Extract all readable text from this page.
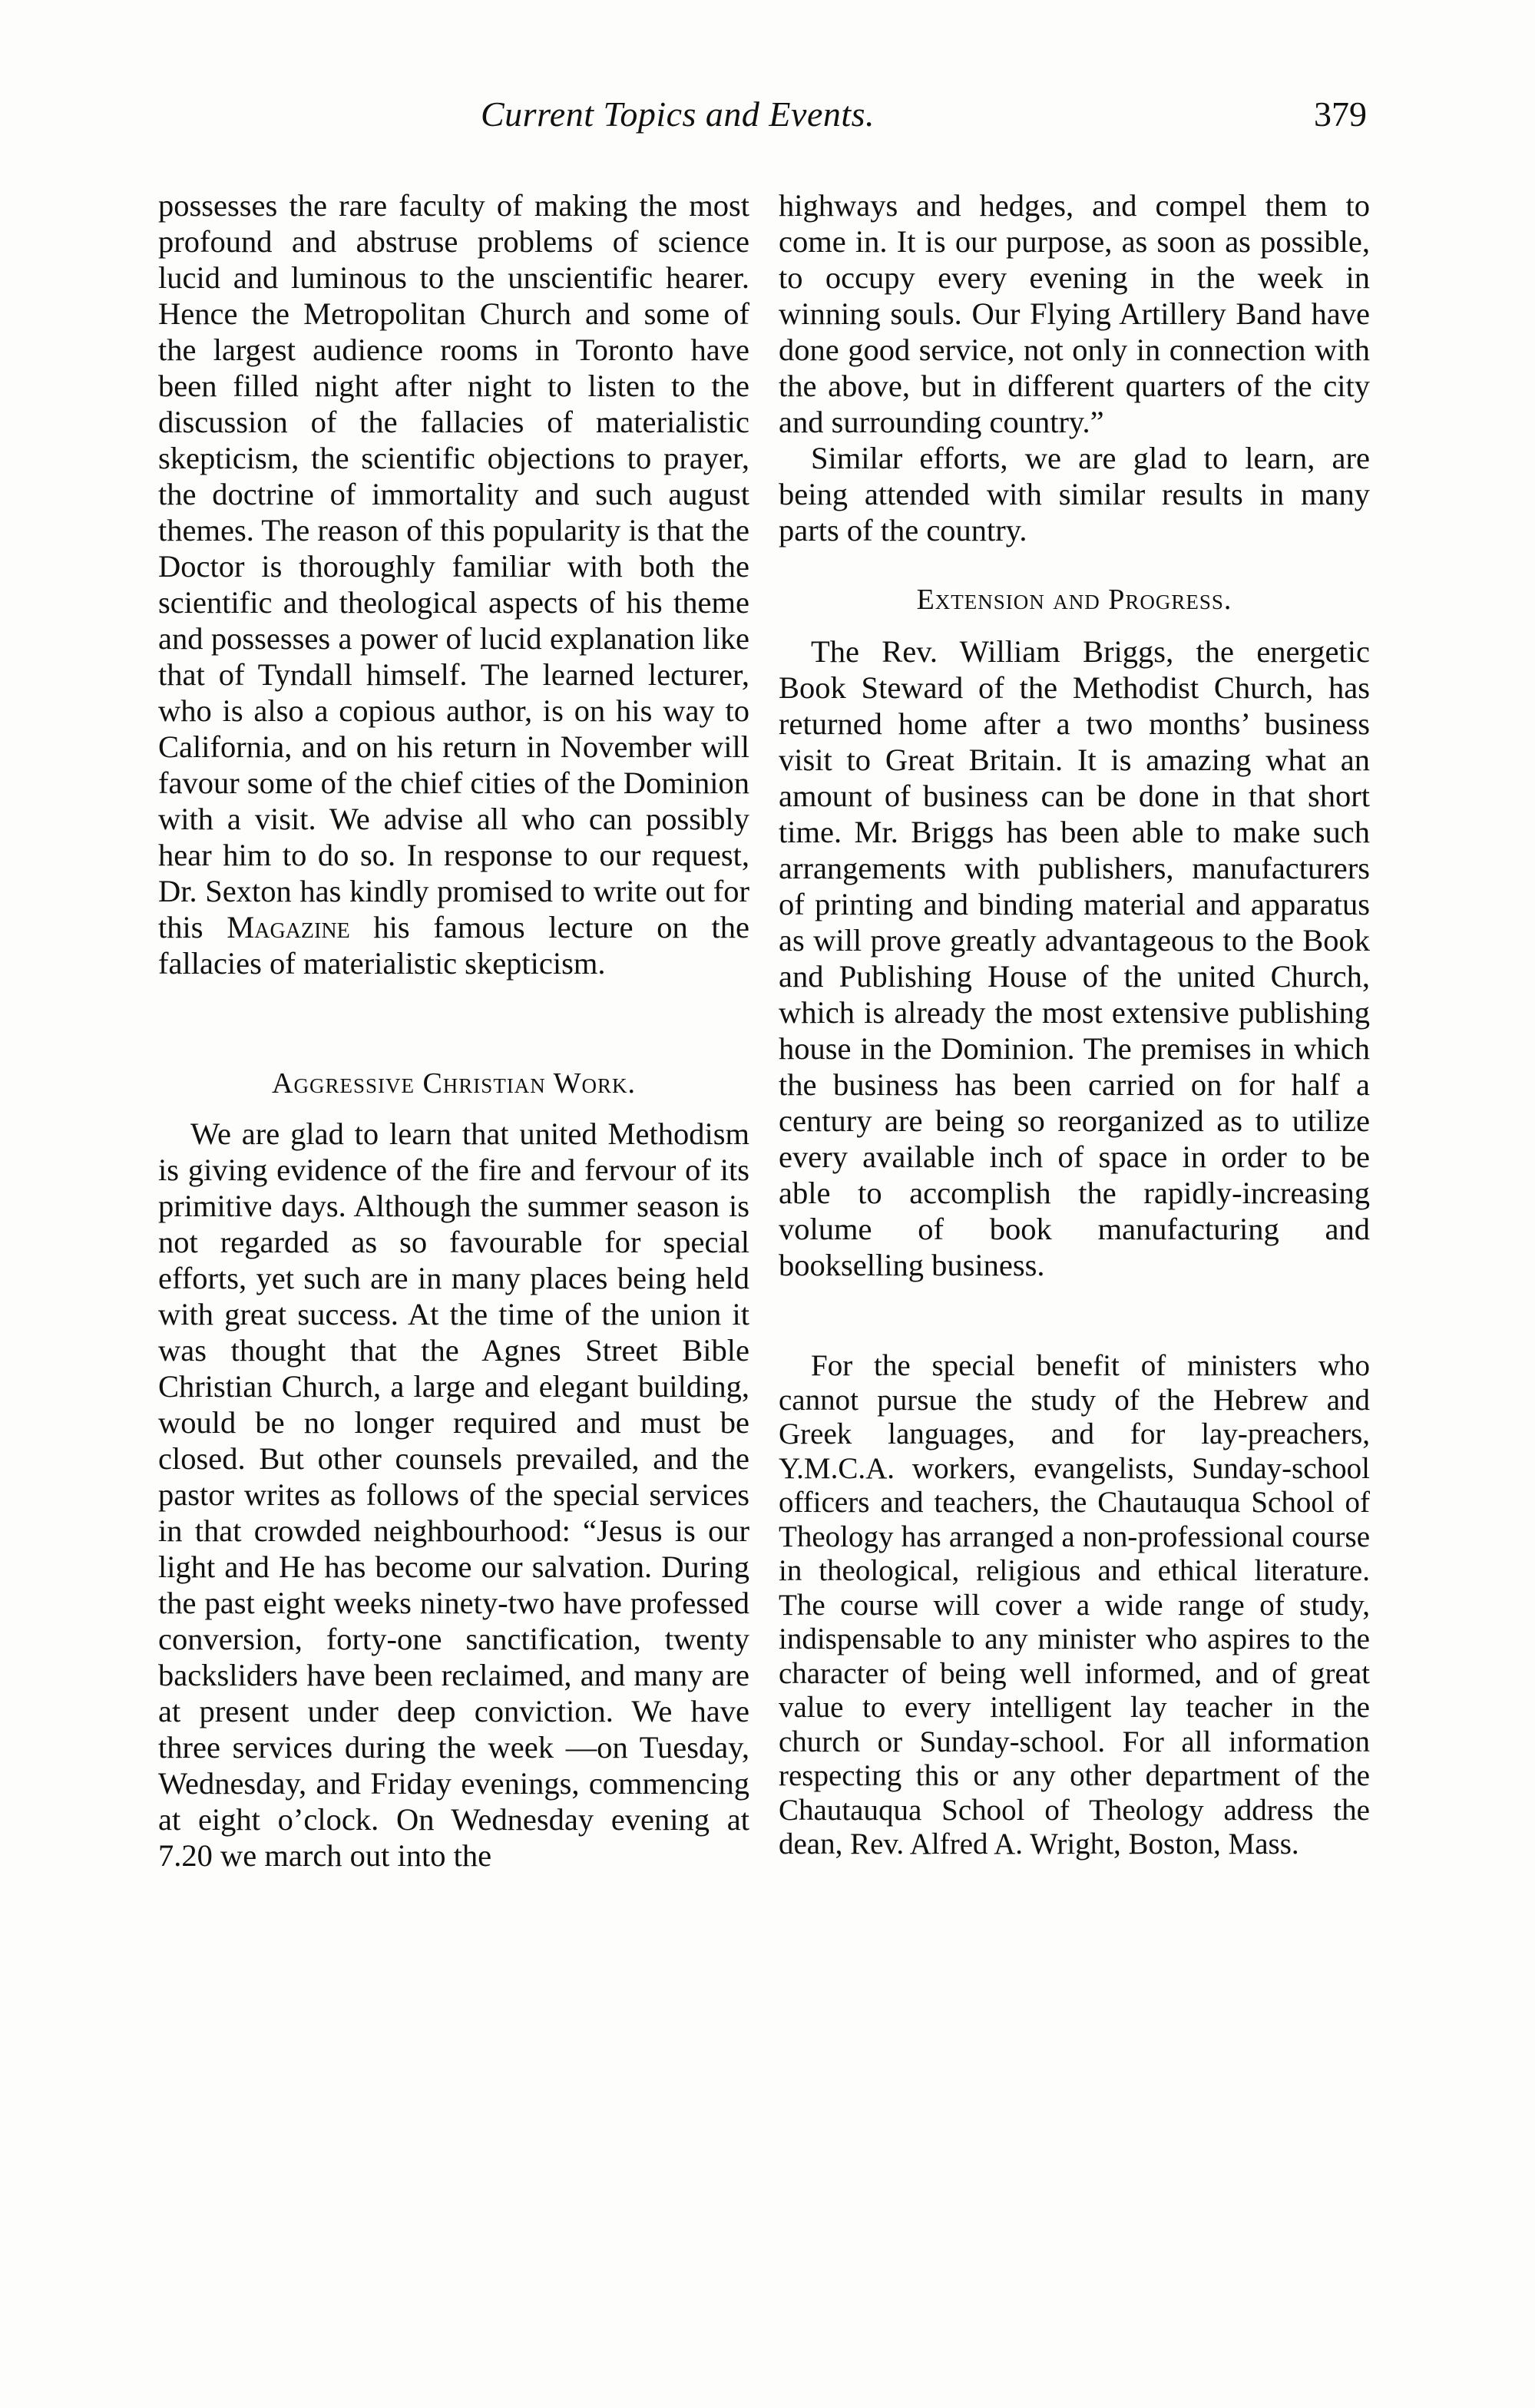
Current Topics and Events.	379

possesses the rare faculty of making the most profound and abstruse problems of science lucid and luminous to the unscientific hearer. Hence the Metropolitan Church and some of the largest audience rooms in Toronto have been filled night after night to listen to the discussion of the fallacies of materialistic skepticism, the scientific objections to prayer, the doctrine of immortality and such august themes. The reason of this popularity is that the Doctor is thoroughly familiar with both the scientific and theological aspects of his theme and possesses a power of lucid explanation like that of Tyndall himself. The learned lecturer, who is also a copious author, is on his way to California, and on his return in November will favour some of the chief cities of the Dominion with a visit. We advise all who can possibly hear him to do so. In response to our request, Dr. Sexton has kindly promised to write out for this Magazine his famous lecture on the fallacies of materialistic skepticism.

Aggressive Christian Work.

We are glad to learn that united Methodism is giving evidence of the fire and fervour of its primitive days. Although the summer season is not regarded as so favourable for special efforts, yet such are in many places being held with great success. At the time of the union it was thought that the Agnes Street Bible Christian Church, a large and elegant building, would be no longer required and must be closed. But other counsels prevailed, and the pastor writes as follows of the special services in that crowded neighbourhood: “Jesus is our light and He has become our salvation. During the past eight weeks ninety-two have professed conversion, forty-one sanctification, twenty backsliders have been reclaimed, and many are at present under deep conviction. We have three services during the week —on Tuesday, Wednesday, and Friday evenings, commencing at eight o’clock. On Wednesday evening at 7.20 we march out into the

highways and hedges, and compel them to come in. It is our purpose, as soon as possible, to occupy every evening in the week in winning souls. Our Flying Artillery Band have done good service, not only in connection with the above, but in different quarters of the city and surrounding country.”

Similar efforts, we are glad to learn, are being attended with similar results in many parts of the country.

Extension and Progress.

The Rev. William Briggs, the energetic Book Steward of the Methodist Church, has returned home after a two months’ business visit to Great Britain. It is amazing what an amount of business can be done in that short time. Mr. Briggs has been able to make such arrangements with publishers, manufacturers of printing and binding material and apparatus as will prove greatly advantageous to the Book and Publishing House of the united Church, which is already the most extensive publishing house in the Dominion. The premises in which the business has been carried on for half a century are being so reorganized as to utilize every available inch of space in order to be able to accomplish the rapidly-increasing volume of book manufacturing and bookselling business.

For the special benefit of ministers who cannot pursue the study of the Hebrew and Greek languages, and for lay-preachers, Y.M.C.A. workers, evangelists, Sunday-school officers and teachers, the Chautauqua School of Theology has arranged a non-professional course in theological, religious and ethical literature. The course will cover a wide range of study, indispensable to any minister who aspires to the character of being well informed, and of great value to every intelligent lay teacher in the church or Sunday-school. For all information respecting this or any other department of the Chautauqua School of Theology address the dean, Rev. Alfred A. Wright, Boston, Mass.
